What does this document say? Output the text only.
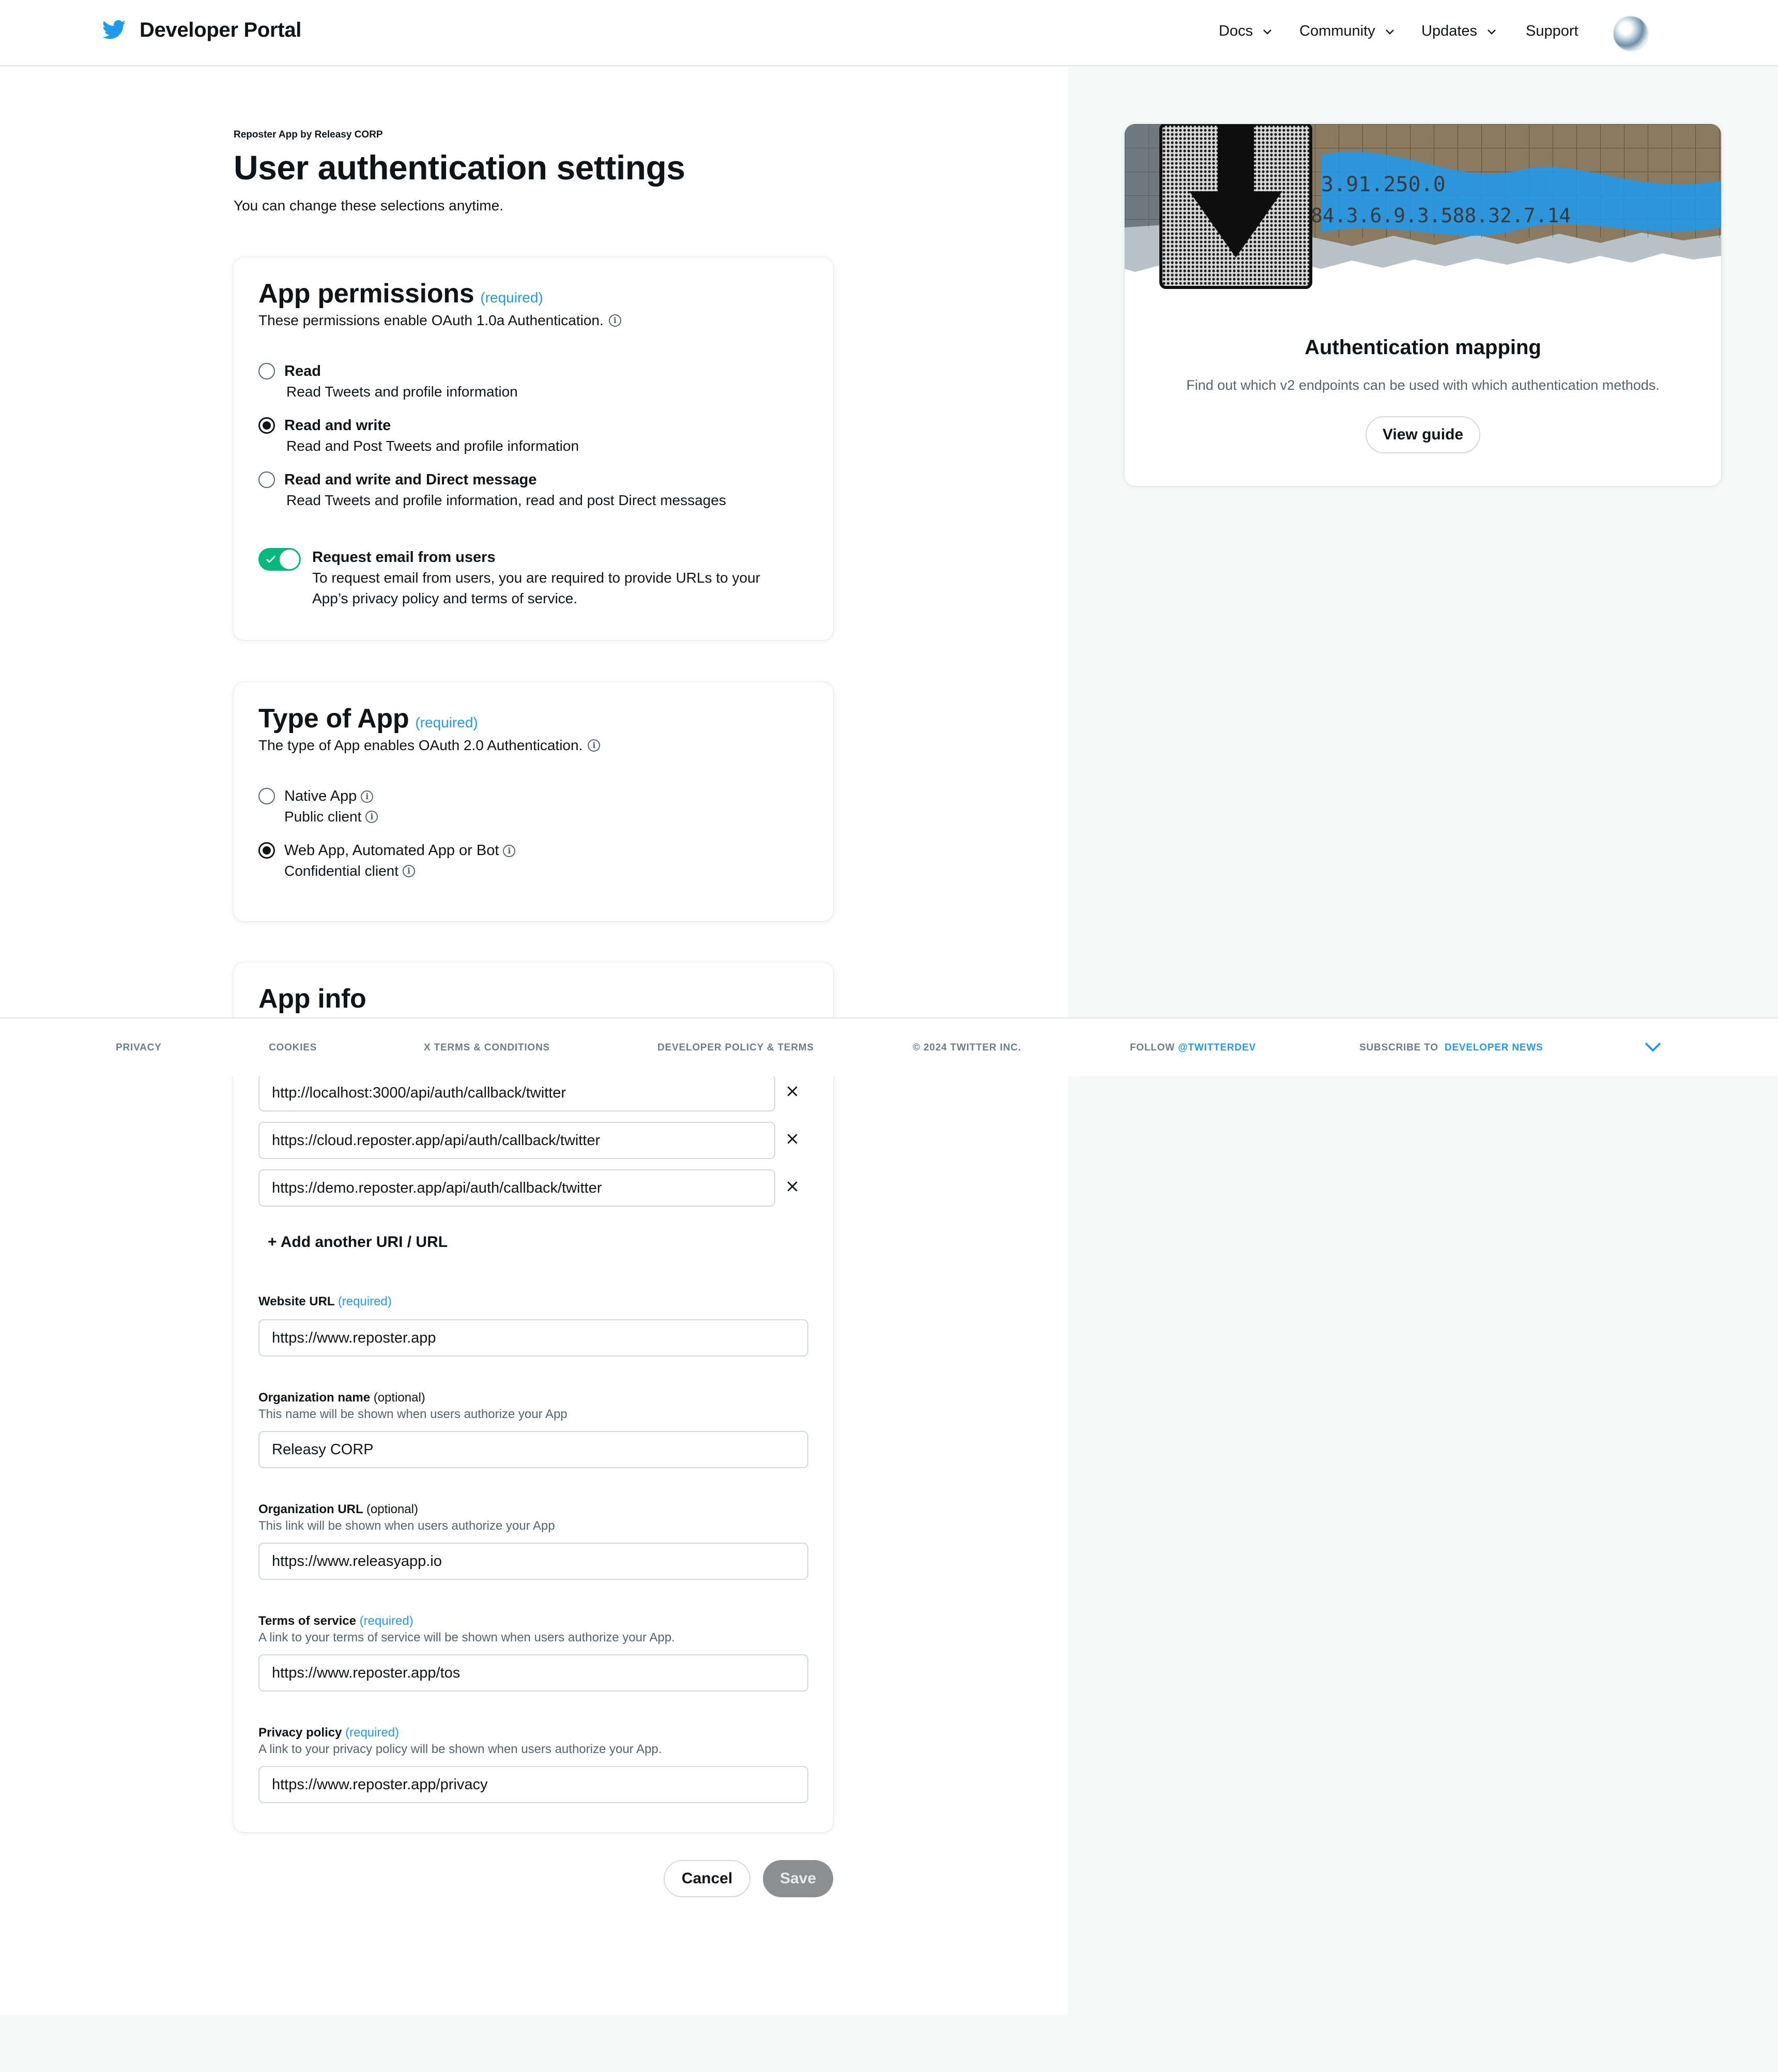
Developer Portal	Docs	Community	Updates	Support
Reposter App by Releasy CORP
User authentication settings
You can change these selections anytime.
App permissions (required)
These permissions enable OAuth 1.0a Authentication.	i
Read
Read Tweets and profile information
Read and write
Read and Post Tweets and profile information
Read and write and Direct message
Read Tweets and profile information, read and post Direct messages
Request email from users
To request email from users, you are required to provide URLs to your
App’s privacy policy and terms of service.
Type of App (required)
The type of App enables OAuth 2.0 Authentication.	i
Native App	i
Public client	i
Web App, Automated App or Bot	i
Confidential client	i
App info
http://localhost:3000/api/auth/callback/twitter
https://cloud.reposter.app/api/auth/callback/twitter
https://demo.reposter.app/api/auth/callback/twitter
+ Add another URI / URL
Website URL (required)
https://www.reposter.app
Organization name (optional)
This name will be shown when users authorize your App
Releasy CORP
Organization URL (optional)
This link will be shown when users authorize your App
https://www.releasyapp.io
Terms of service (required)
A link to your terms of service will be shown when users authorize your App.
https://www.reposter.app/tos
Privacy policy (required)
A link to your privacy policy will be shown when users authorize your App.
https://www.reposter.app/privacy
Cancel	Save
3.91.250.0
84.3.6.9.3.588.32.7.14
Authentication mapping
Find out which v2 endpoints can be used with which authentication methods.
View guide
PRIVACY	COOKIES	X TERMS & CONDITIONS	DEVELOPER POLICY & TERMS	© 2024 TWITTER INC.	FOLLOW @TWITTERDEV	SUBSCRIBE TO DEVELOPER NEWS
